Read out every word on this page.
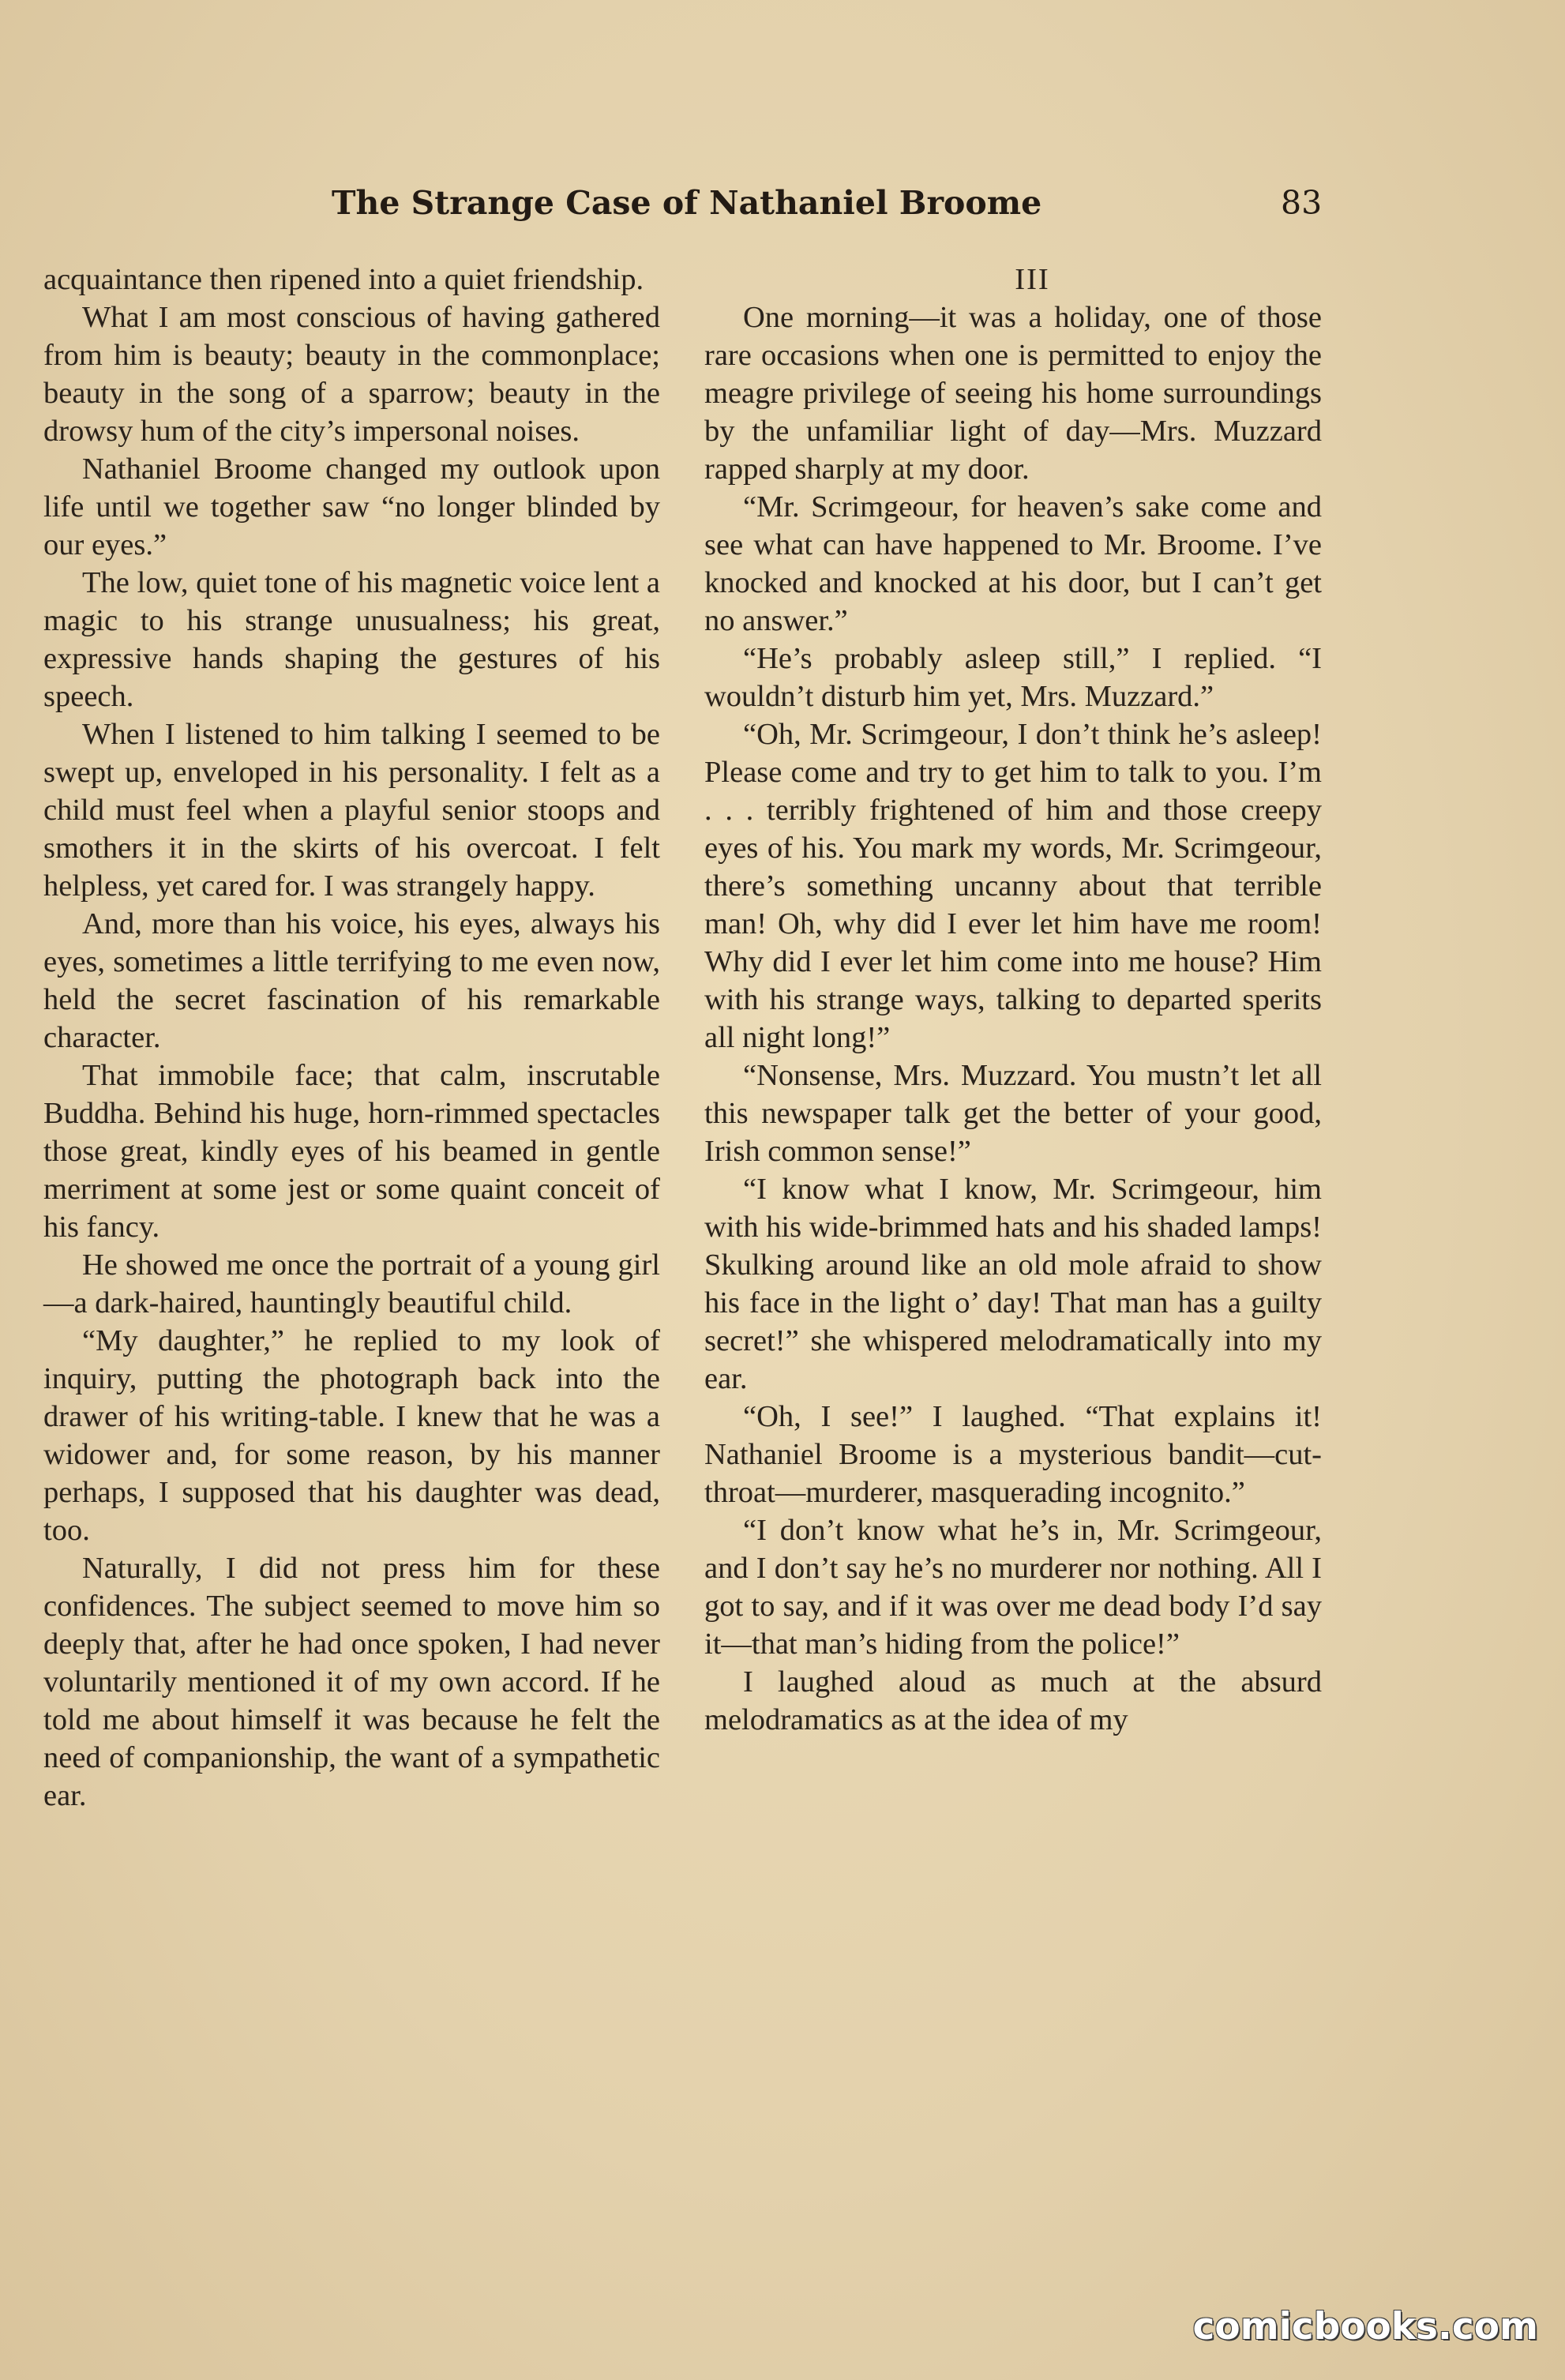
The Strange Case of Nathaniel Broome	83

acquaintance then ripened into a quiet friendship.

What I am most conscious of having gathered from him is beauty; beauty in the commonplace; beauty in the song of a sparrow; beauty in the drowsy hum of the city’s impersonal noises.

Nathaniel Broome changed my outlook upon life until we together saw “no longer blinded by our eyes.”

The low, quiet tone of his magnetic voice lent a magic to his strange unusualness; his great, expressive hands shaping the gestures of his speech.

When I listened to him talking I seemed to be swept up, enveloped in his personality. I felt as a child must feel when a playful senior stoops and smothers it in the skirts of his overcoat. I felt helpless, yet cared for. I was strangely happy.

And, more than his voice, his eyes, always his eyes, sometimes a little terrifying to me even now, held the secret fascination of his remarkable character.

That immobile face; that calm, inscrutable Buddha. Behind his huge, horn-rimmed spectacles those great, kindly eyes of his beamed in gentle merriment at some jest or some quaint conceit of his fancy.

He showed me once the portrait of a young girl—a dark-haired, hauntingly beautiful child.

“My daughter,” he replied to my look of inquiry, putting the photograph back into the drawer of his writing-table. I knew that he was a widower and, for some reason, by his manner perhaps, I supposed that his daughter was dead, too.

Naturally, I did not press him for these confidences. The subject seemed to move him so deeply that, after he had once spoken, I had never voluntarily mentioned it of my own accord. If he told me about himself it was because he felt the need of companionship, the want of a sympathetic ear.

III

One morning—it was a holiday, one of those rare occasions when one is permitted to enjoy the meagre privilege of seeing his home surroundings by the unfamiliar light of day—Mrs. Muzzard rapped sharply at my door.

“Mr. Scrimgeour, for heaven’s sake come and see what can have happened to Mr. Broome. I’ve knocked and knocked at his door, but I can’t get no answer.”

“He’s probably asleep still,” I replied. “I wouldn’t disturb him yet, Mrs. Muzzard.”

“Oh, Mr. Scrimgeour, I don’t think he’s asleep! Please come and try to get him to talk to you. I’m . . . terribly frightened of him and those creepy eyes of his. You mark my words, Mr. Scrimgeour, there’s something uncanny about that terrible man! Oh, why did I ever let him have me room! Why did I ever let him come into me house? Him with his strange ways, talking to departed sperits all night long!”

“Nonsense, Mrs. Muzzard. You mustn’t let all this newspaper talk get the better of your good, Irish common sense!”

“I know what I know, Mr. Scrimgeour, him with his wide-brimmed hats and his shaded lamps! Skulking around like an old mole afraid to show his face in the light o’ day! That man has a guilty secret!” she whispered melodramatically into my ear.

“Oh, I see!” I laughed. “That explains it! Nathaniel Broome is a mysterious bandit—cut-throat—murderer, masquerading incognito.”

“I don’t know what he’s in, Mr. Scrimgeour, and I don’t say he’s no murderer nor nothing. All I got to say, and if it was over me dead body I’d say it—that man’s hiding from the police!”

I laughed aloud as much at the absurd melodramatics as at the idea of my

comicbooks.com
